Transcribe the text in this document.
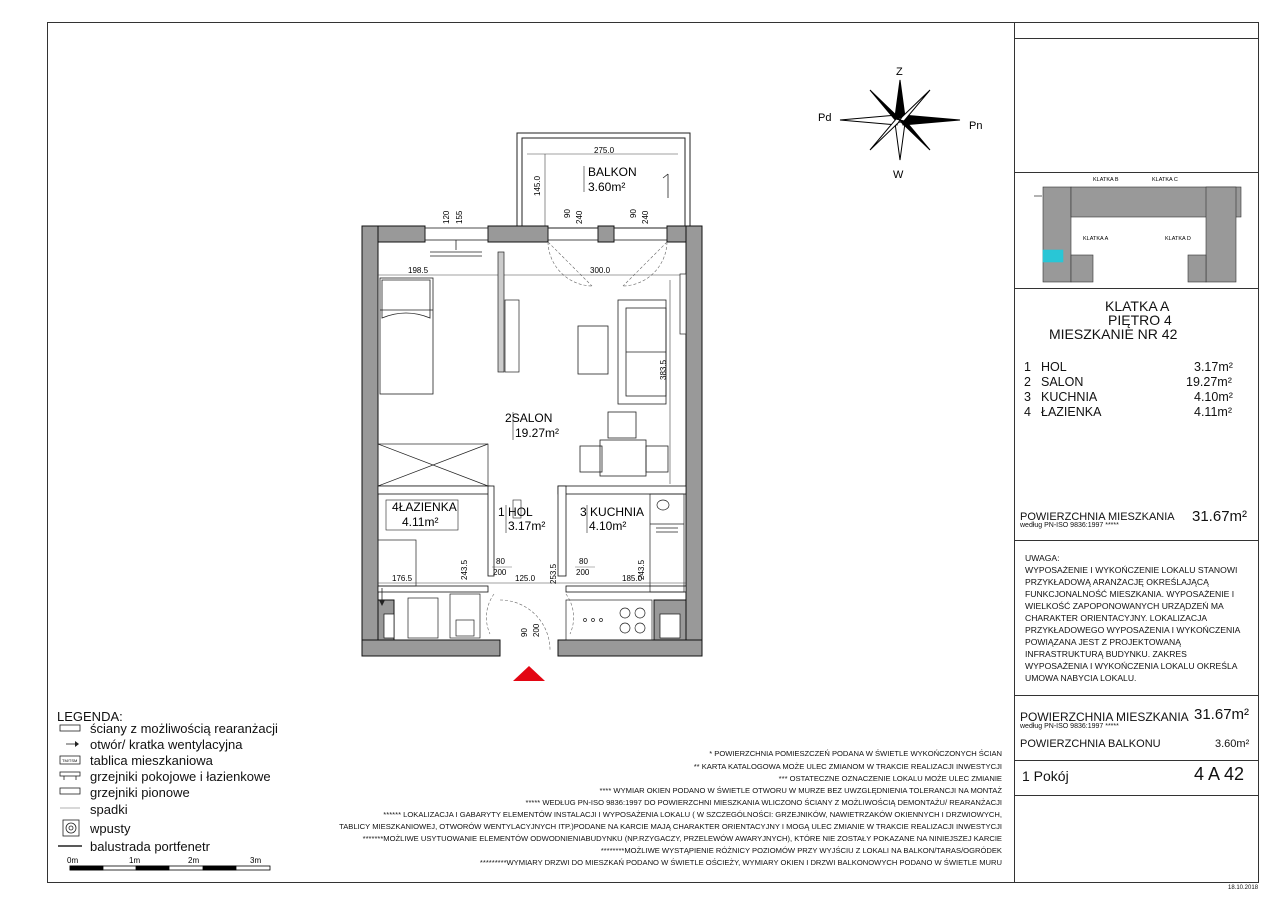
Z
W
Pd
Pn
275.0
145.0
BALKON
3.60m²
120 155	90 240	90 240
198.5	300.0
383.5
176.5	125.0	185.0
243.5	253.5	243.5
80
200
80
200
90 200
2SALON
19.27m²
4ŁAZIENKA
4.11m²
1 HOL
3.17m²
3 KUCHNIA
4.10m²
KLATKA B	KLATKA C
KLATKA A	KLATKA D
TM/TSM
0m	1m	2m	3m
KLATKA A
PIĘTRO 4
MIESZKANIE NR 42
1 HOL	3.17m²
2 SALON	19.27m²
3 KUCHNIA	4.10m²
4 ŁAZIENKA	4.11m²
POWIERZCHNIA MIESZKANIA
według PN-ISO 9836:1997 *****
31.67m²
UWAGA:
WYPOSAŻENIE I WYKOŃCZENIE LOKALU STANOWI PRZYKŁADOWĄ ARANŻACJĘ OKREŚLAJĄCĄ FUNKCJONALNOŚĆ MIESZKANIA. WYPOSAŻENIE I WIELKOŚĆ ZAPOPONOWANYCH URZĄDZEŃ MA CHARAKTER ORIENTACYJNY. LOKALIZACJA PRZYKŁADOWEGO WYPOSAŻENIA I WYKOŃCZENIA POWIĄZANA JEST Z PROJEKTOWANĄ INFRASTRUKTURĄ BUDYNKU. ZAKRES WYPOSAŻENIA I WYKOŃCZENIA LOKALU OKREŚLA UMOWA NABYCIA LOKALU.
POWIERZCHNIA MIESZKANIA
według PN-ISO 9836:1997 *****
31.67m²
POWIERZCHNIA BALKONU	3.60m²
1 Pokój	4 A 42
18.10.2018
LEGENDA:
ściany z możliwością rearanżacji
otwór/ kratka wentylacyjna
tablica mieszkaniowa
grzejniki pokojowe i łazienkowe
grzejniki pionowe
spadki
wpusty
balustrada portfenetr
* POWIERZCHNIA POMIESZCZEŃ PODANA W ŚWIETLE WYKOŃCZONYCH ŚCIAN
** KARTA KATALOGOWA MOŻE ULEC ZMIANOM W TRAKCIE REALIZACJI INWESTYCJI
*** OSTATECZNE OZNACZENIE LOKALU MOŻE ULEC ZMIANIE
**** WYMIAR OKIEN PODANO W ŚWIETLE OTWORU W MURZE BEZ UWZGLĘDNIENIA TOLERANCJI NA MONTAŻ
***** WEDŁUG PN-ISO 9836:1997 DO POWIERZCHNI MIESZKANIA WLICZONO ŚCIANY Z MOŻLIWOŚCIĄ DEMONTAŻU/ REARANŻACJI
****** LOKALIZACJA I GABARYTY ELEMENTÓW INSTALACJI I WYPOSAŻENIA LOKALU ( W SZCZEGÓLNOŚCI: GRZEJNIKÓW, NAWIETRZAKÓW OKIENNYCH I DRZWIOWYCH,
TABLICY MIESZKANIOWEJ, OTWORÓW WENTYLACYJNYCH ITP.)PODANE NA KARCIE MAJĄ CHARAKTER ORIENTACYJNY I MOGĄ ULEC ZMIANIE W TRAKCIE REALIZACJI INWESTYCJI
*******MOŻLIWE USYTUOWANIE ELEMENTÓW ODWODNIENIABUDYNKU (NP.RZYGACZY, PRZELEWÓW AWARYJNYCH), KTÓRE NIE ZOSTAŁY POKAZANE NA NINIEJSZEJ KARCIE
********MOŻLIWE WYSTĄPIENIE RÓŻNICY POZIOMÓW PRZY WYJŚCIU Z LOKALI NA BALKON/TARAS/OGRÓDEK
*********WYMIARY DRZWI DO MIESZKAŃ PODANO W ŚWIETLE OŚCIEŻY, WYMIARY OKIEN I DRZWI BALKONOWYCH PODANO W ŚWIETLE MURU
